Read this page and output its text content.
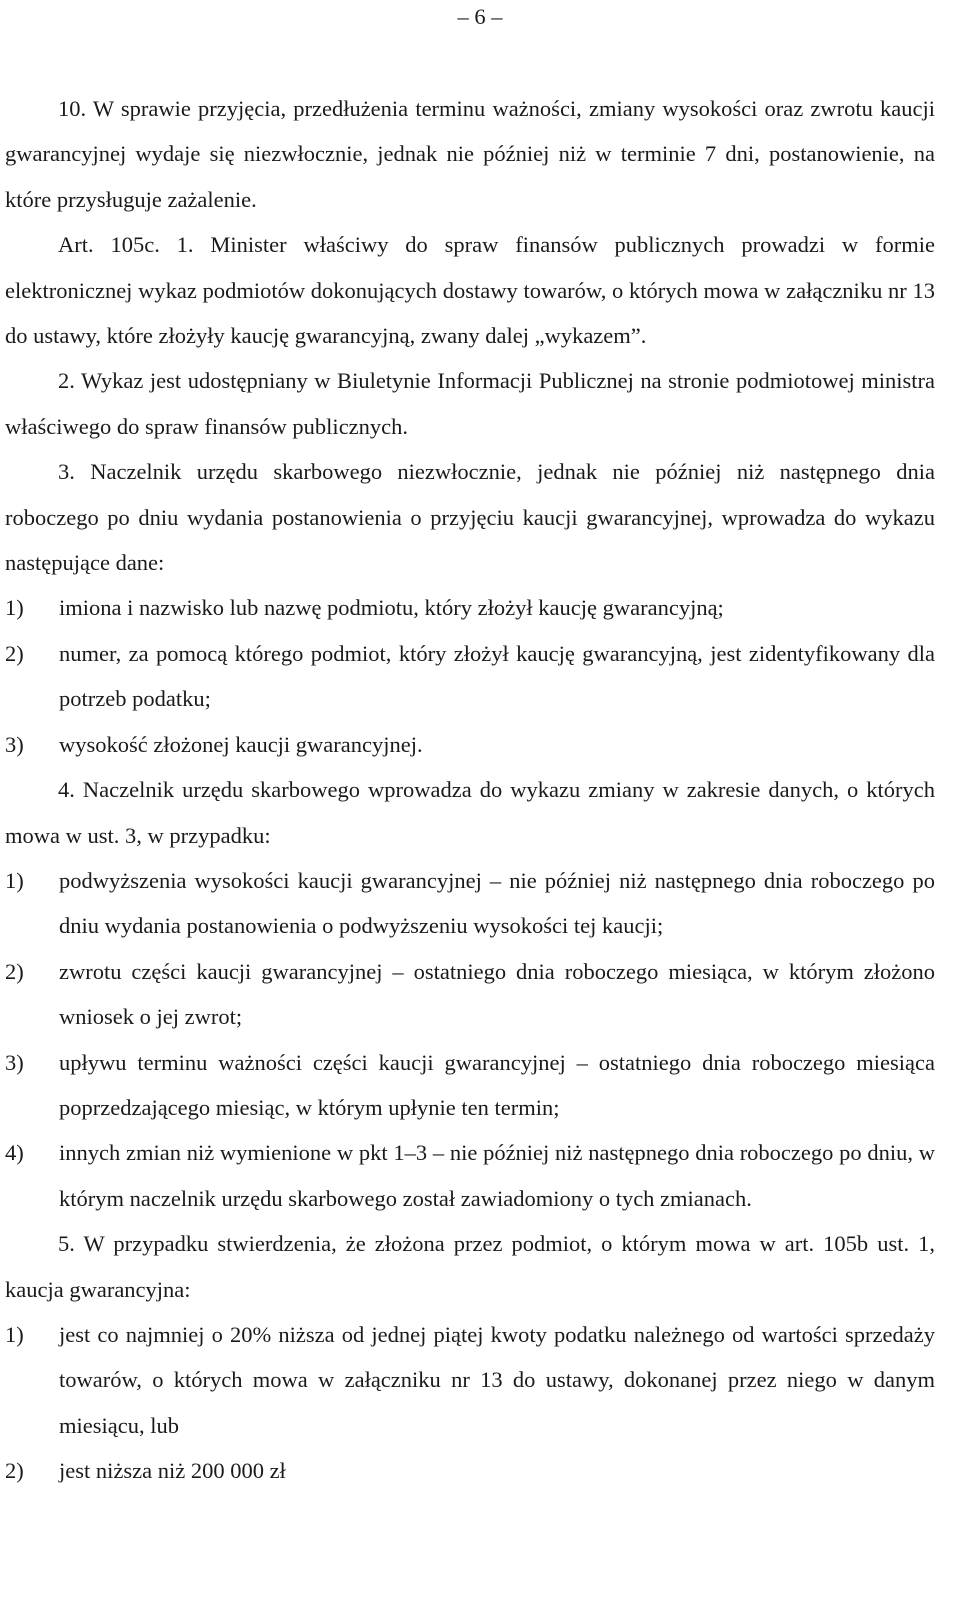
– 6 –

10. W sprawie przyjęcia, przedłużenia terminu ważności, zmiany wysokości oraz zwrotu kaucji gwarancyjnej wydaje się niezwłocznie, jednak nie później niż w terminie 7 dni, postanowienie, na które przysługuje zażalenie.

Art. 105c. 1. Minister właściwy do spraw finansów publicznych prowadzi w formie elektronicznej wykaz podmiotów dokonujących dostawy towarów, o których mowa w załączniku nr 13 do ustawy, które złożyły kaucję gwarancyjną, zwany dalej „wykazem”.

2. Wykaz jest udostępniany w Biuletynie Informacji Publicznej na stronie podmiotowej ministra właściwego do spraw finansów publicznych.

3. Naczelnik urzędu skarbowego niezwłocznie, jednak nie później niż następnego dnia roboczego po dniu wydania postanowienia o przyjęciu kaucji gwarancyjnej, wprowadza do wykazu następujące dane:

1)	imiona i nazwisko lub nazwę podmiotu, który złożył kaucję gwarancyjną;
2)	numer, za pomocą którego podmiot, który złożył kaucję gwarancyjną, jest zidentyfikowany dla potrzeb podatku;
3)	wysokość złożonej kaucji gwarancyjnej.

4. Naczelnik urzędu skarbowego wprowadza do wykazu zmiany w zakresie danych, o których mowa w ust. 3, w przypadku:

1)	podwyższenia wysokości kaucji gwarancyjnej – nie później niż następnego dnia roboczego po dniu wydania postanowienia o podwyższeniu wysokości tej kaucji;
2)	zwrotu części kaucji gwarancyjnej – ostatniego dnia roboczego miesiąca, w którym złożono wniosek o jej zwrot;
3)	upływu terminu ważności części kaucji gwarancyjnej – ostatniego dnia roboczego miesiąca poprzedzającego miesiąc, w którym upłynie ten termin;
4)	innych zmian niż wymienione w pkt 1–3 – nie później niż następnego dnia roboczego po dniu, w którym naczelnik urzędu skarbowego został zawiadomiony o tych zmianach.

5. W przypadku stwierdzenia, że złożona przez podmiot, o którym mowa w art. 105b ust. 1, kaucja gwarancyjna:

1)	jest co najmniej o 20% niższa od jednej piątej kwoty podatku należnego od wartości sprzedaży towarów, o których mowa w załączniku nr 13 do ustawy, dokonanej przez niego w danym miesiącu, lub
2)	jest niższa niż 200 000 zł
